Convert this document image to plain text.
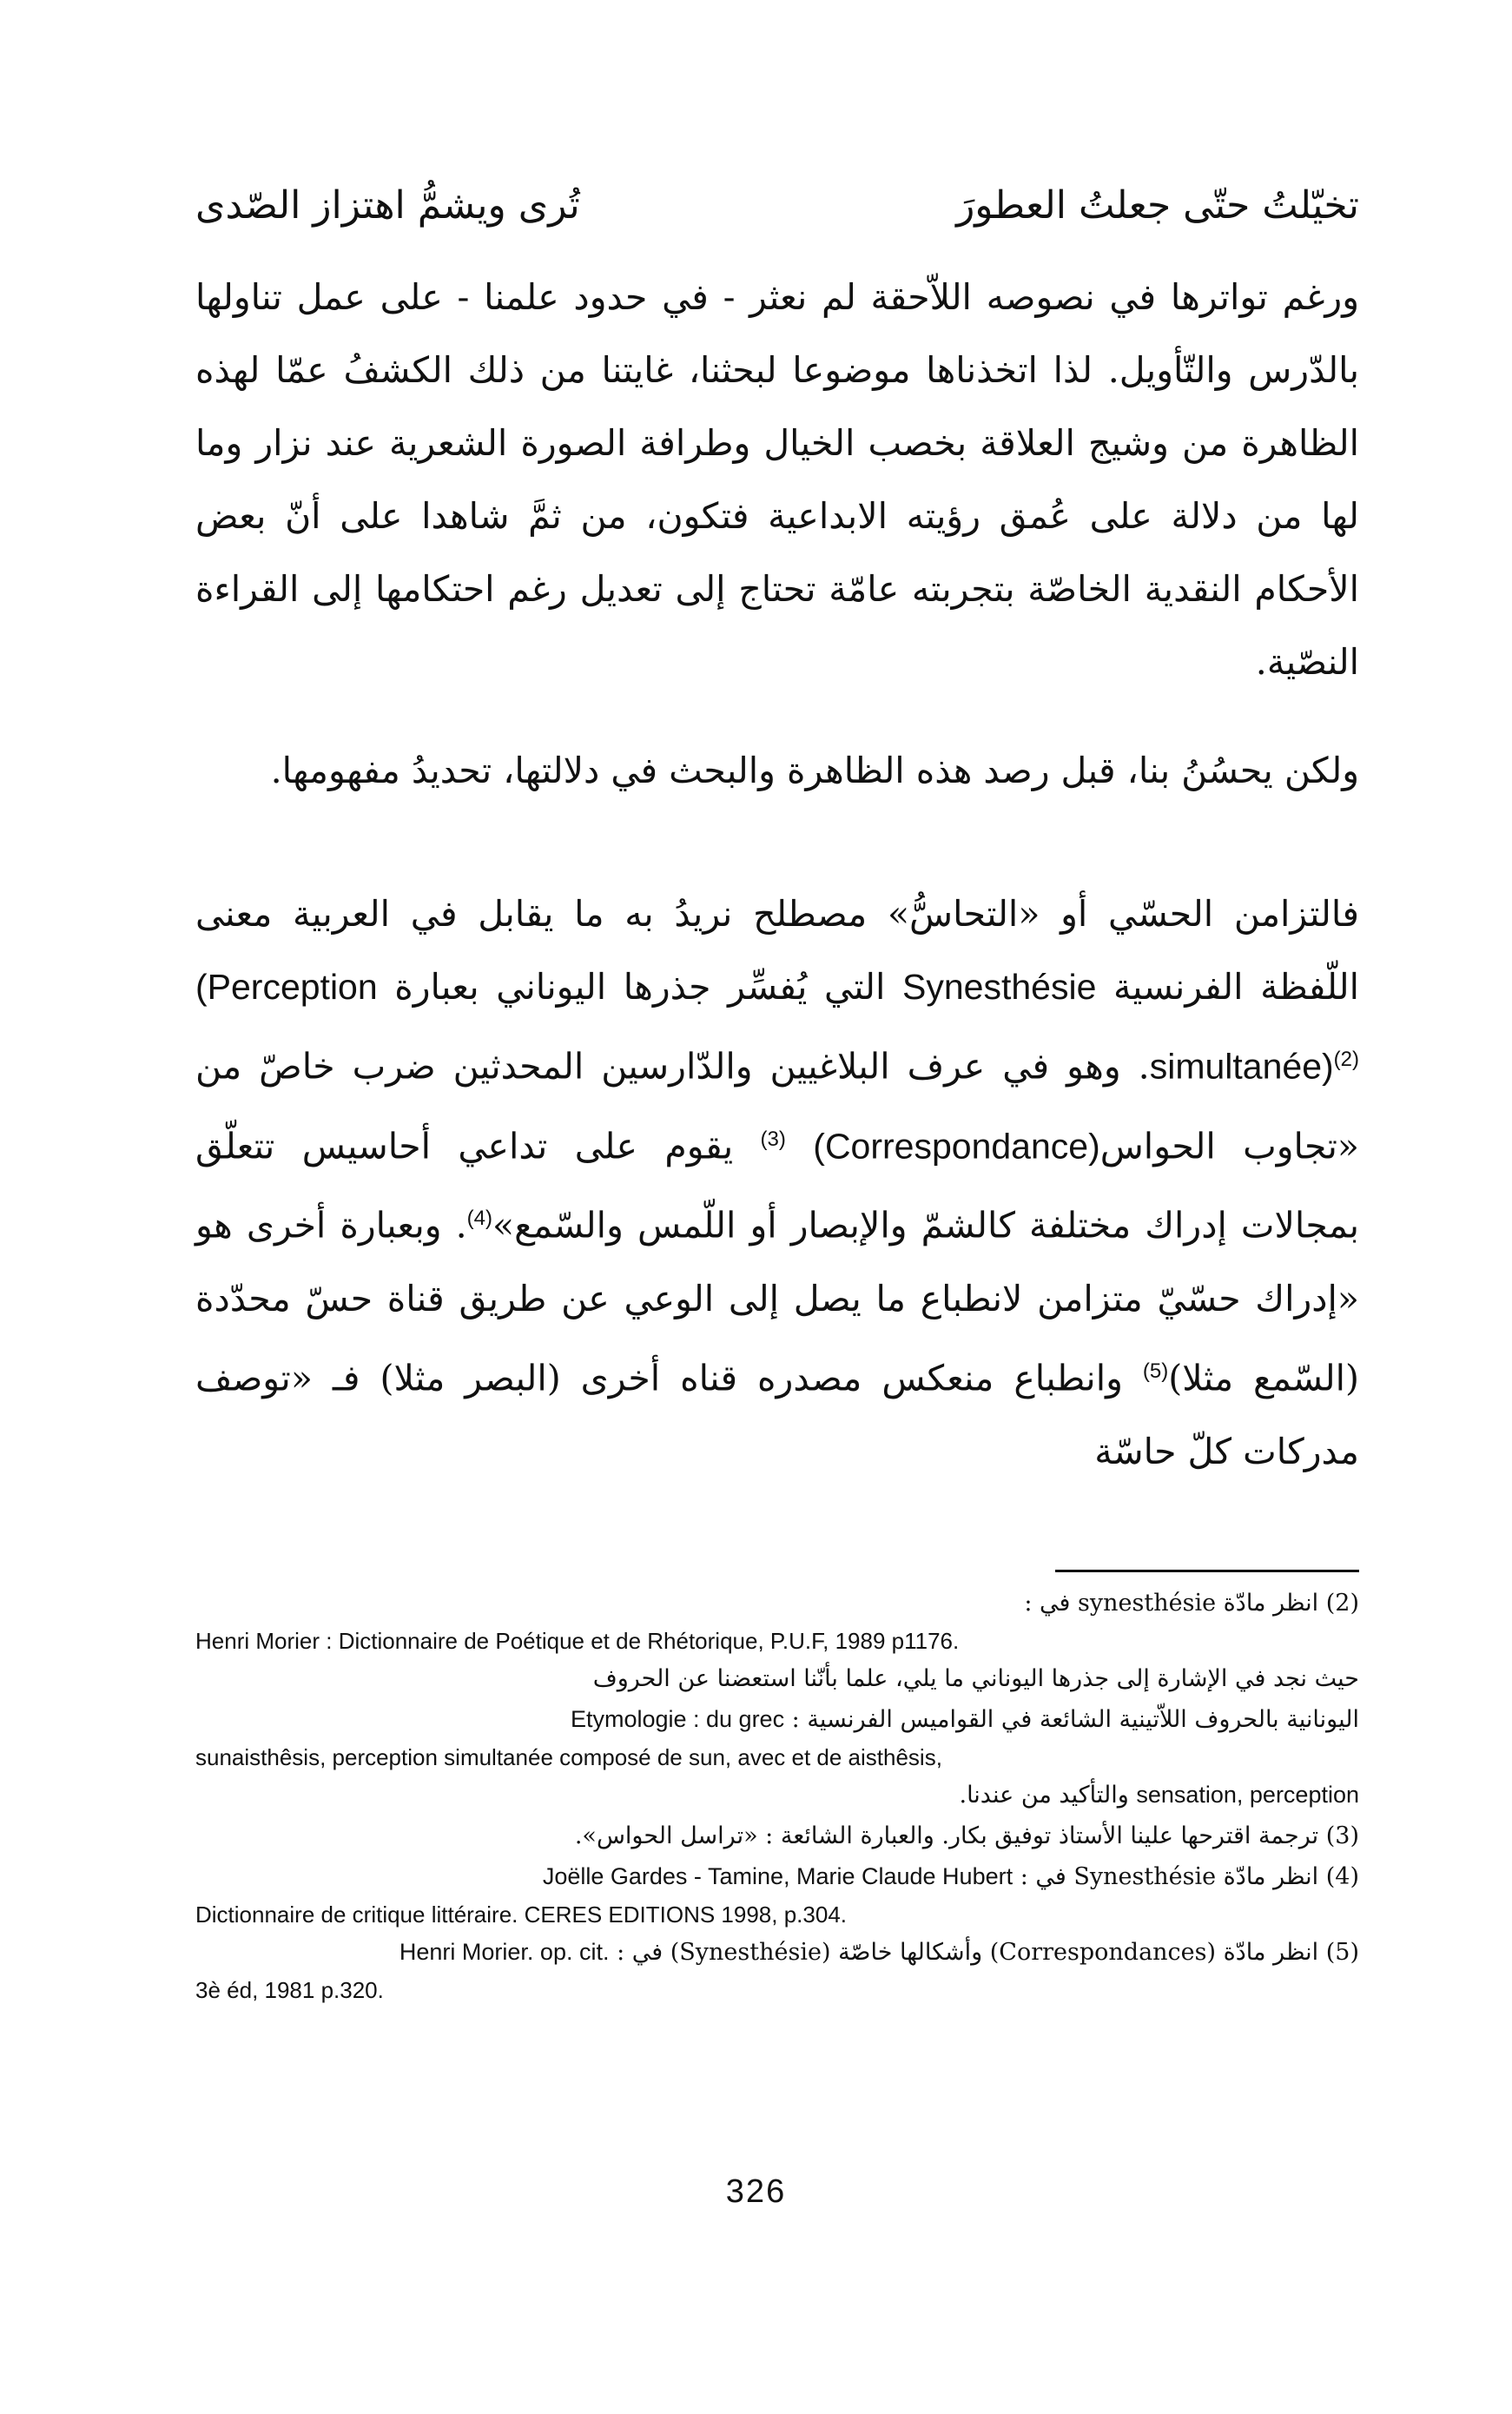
تخيّلتُ حتّى جعلتُ العطورَ
تُرى ويشمُّ اهتزاز الصّدى

ورغم تواترها في نصوصه اللاّحقة لم نعثر - في حدود علمنا - على عمل تناولها بالدّرس والتّأويل. لذا اتخذناها موضوعا لبحثنا، غايتنا من ذلك الكشفُ عمّا لهذه الظاهرة من وشيج العلاقة بخصب الخيال وطرافة الصورة الشعرية عند نزار وما لها من دلالة على عُمق رؤيته الابداعية فتكون، من ثمَّ شاهدا على أنّ بعض الأحكام النقدية الخاصّة بتجربته عامّة تحتاج إلى تعديل رغم احتكامها إلى القراءة النصّية.

ولكن يحسُنُ بنا، قبل رصد هذه الظاهرة والبحث في دلالتها، تحديدُ مفهومها.

فالتزامن الحسّي أو «التحاسُّ» مصطلح نريدُ به ما يقابل في العربية معنى اللّفظة الفرنسية Synesthésie التي يُفسِّر جذرها اليوناني بعبارة (Perception simultanée)$^{(2)}$. وهو في عرف البلاغيين والدّارسين المحدثين ضرب خاصّ من «تجاوب الحواس$^{(3)}$ (Correspondance) يقوم على تداعي أحاسيس تتعلّق بمجالات إدراك مختلفة كالشمّ والإبصار أو اللّمس والسّمع»$^{(4)}$. وبعبارة أخرى هو «إدراك حسّيّ متزامن لانطباع ما يصل إلى الوعي عن طريق قناة حسّ محدّدة (السّمع مثلا)$^{(5)}$ وانطباع منعكس مصدره قناه أخرى (البصر مثلا) فـ «توصف مدركات كلّ حاسّة

(2) انظر مادّة synesthésie في :
Henri Morier : Dictionnaire de Poétique et de Rhétorique, P.U.F, 1989 p1176.
حيث نجد في الإشارة إلى جذرها اليوناني ما يلي، علما بأنّنا استعضنا عن الحروف
اليونانية بالحروف اللاّتينية الشائعة في القواميس الفرنسية : Etymologie : du grec
sunaisthêsis, perception simultanée composé de sun, avec et de aisthêsis,
sensation, perception والتأكيد من عندنا.
(3) ترجمة اقترحها علينا الأستاذ توفيق بكار. والعبارة الشائعة : «تراسل الحواس».
(4) انظر مادّة Synesthésie في : Joëlle Gardes - Tamine, Marie Claude Hubert
Dictionnaire de critique littéraire. CERES EDITIONS 1998, p.304.
(5) انظر مادّة (Correspondances) وأشكالها خاصّة (Synesthésie) في : Henri Morier. op. cit.
3è éd, 1981 p.320.
326
